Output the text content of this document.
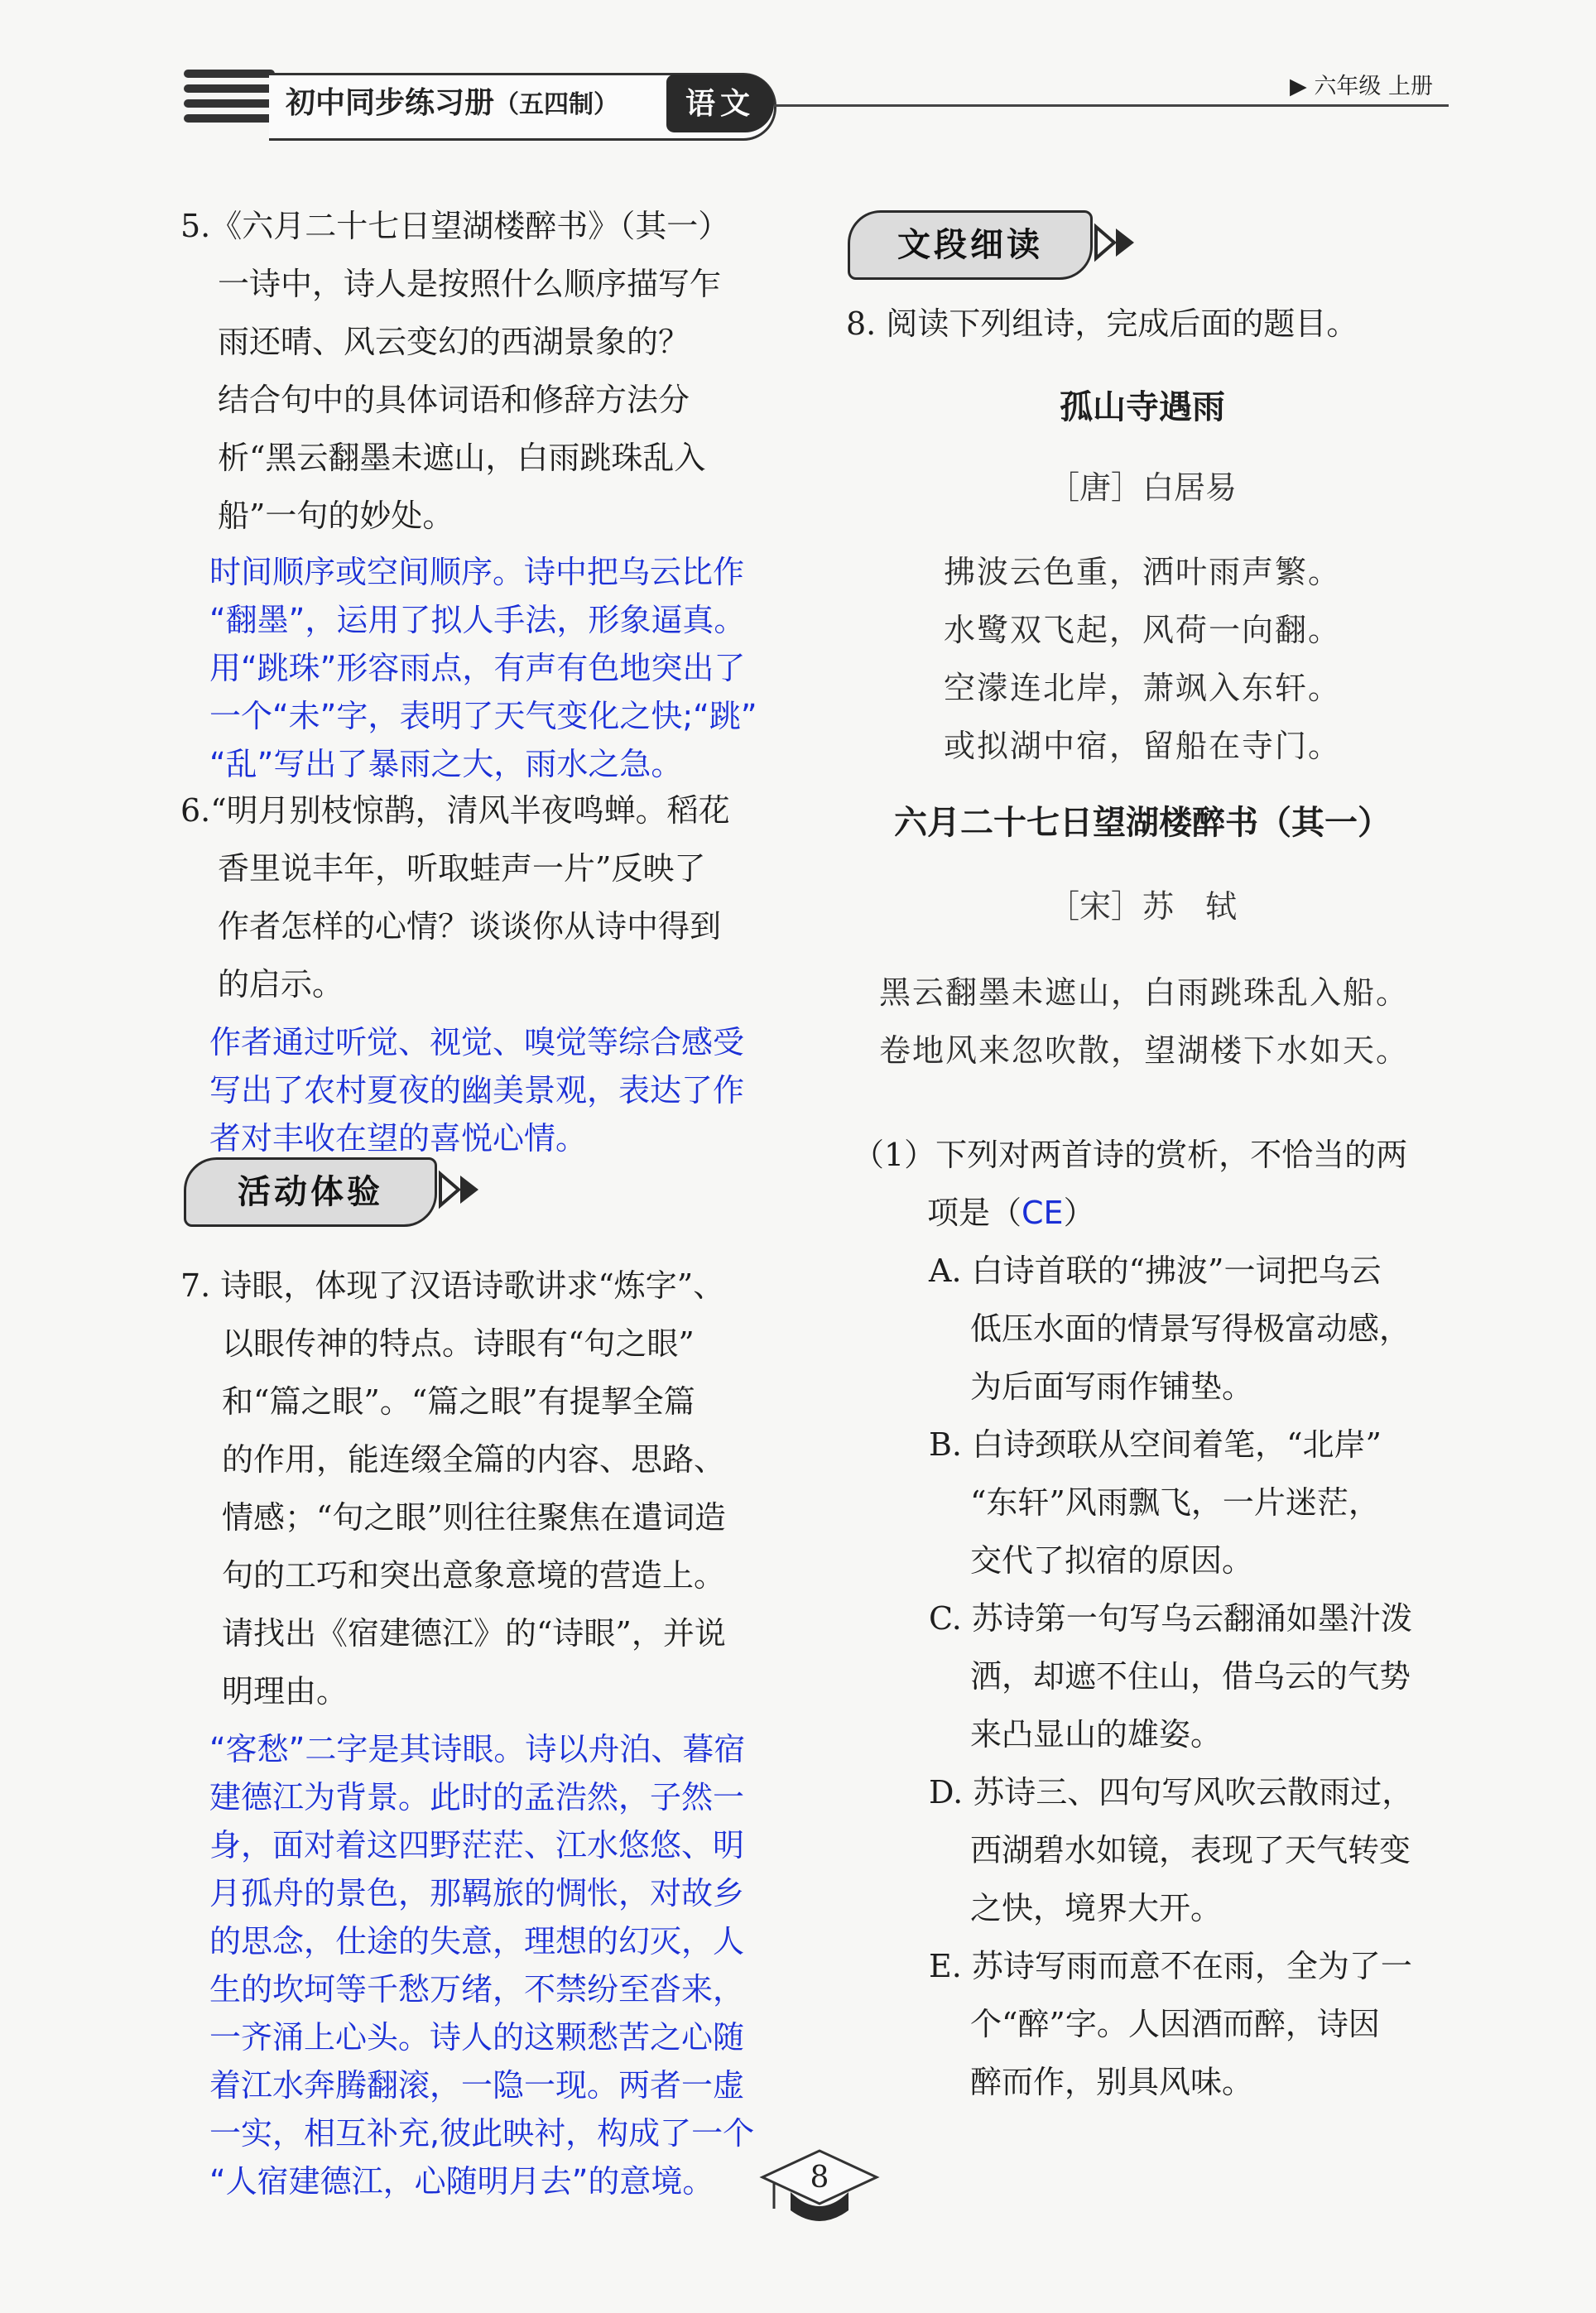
初中同步练习册（五四制）	语文	▶ 六年级 上册
5.《六月二十七日望湖楼醉书》（其一）
一诗中，诗人是按照什么顺序描写乍
雨还晴、风云变幻的西湖景象的？
结合句中的具体词语和修辞方法分
析“黑云翻墨未遮山，白雨跳珠乱入
船”一句的妙处。
时间顺序或空间顺序。诗中把乌云比作
“翻墨”，运用了拟人手法，形象逼真。
用“跳珠”形容雨点，有声有色地突出了
一个“未”字，表明了天气变化之快;“跳”
“乱”写出了暴雨之大，雨水之急。
6.“明月别枝惊鹊，清风半夜鸣蝉。稻花
香里说丰年，听取蛙声一片”反映了
作者怎样的心情？谈谈你从诗中得到
的启示。
作者通过听觉、视觉、嗅觉等综合感受
写出了农村夏夜的幽美景观，表达了作
者对丰收在望的喜悦心情。
活动体验
7. 诗眼，体现了汉语诗歌讲求“炼字”、
以眼传神的特点。诗眼有“句之眼”
和“篇之眼”。“篇之眼”有提挈全篇
的作用，能连缀全篇的内容、思路、
情感；“句之眼”则往往聚焦在遣词造
句的工巧和突出意象意境的营造上。
请找出《宿建德江》的“诗眼”，并说
明理由。
“客愁”二字是其诗眼。诗以舟泊、暮宿
建德江为背景。此时的孟浩然，子然一
身，面对着这四野茫茫、江水悠悠、明
月孤舟的景色，那羁旅的惆怅，对故乡
的思念，仕途的失意，理想的幻灭，人
生的坎坷等千愁万绪，不禁纷至沓来，
一齐涌上心头。诗人的这颗愁苦之心随
着江水奔腾翻滚，一隐一现。两者一虚
一实，相互补充,彼此映衬，构成了一个
“人宿建德江，心随明月去”的意境。
文段细读
8. 阅读下列组诗，完成后面的题目。
孤山寺遇雨
［唐］白居易
拂波云色重，洒叶雨声繁。
水鹭双飞起，风荷一向翻。
空濛连北岸，萧飒入东轩。
或拟湖中宿，留船在寺门。
六月二十七日望湖楼醉书（其一）
［宋］苏　轼
黑云翻墨未遮山，白雨跳珠乱入船。
卷地风来忽吹散，望湖楼下水如天。
（1）下列对两首诗的赏析，不恰当的两
项是（CE）
A. 白诗首联的“拂波”一词把乌云
低压水面的情景写得极富动感，
为后面写雨作铺垫。
B. 白诗颈联从空间着笔，“北岸”
“东轩”风雨飘飞，一片迷茫，
交代了拟宿的原因。
C. 苏诗第一句写乌云翻涌如墨汁泼
洒，却遮不住山，借乌云的气势
来凸显山的雄姿。
D. 苏诗三、四句写风吹云散雨过，
西湖碧水如镜，表现了天气转变
之快，境界大开。
E. 苏诗写雨而意不在雨，全为了一
个“醉”字。人因酒而醉，诗因
醉而作，别具风味。
8
